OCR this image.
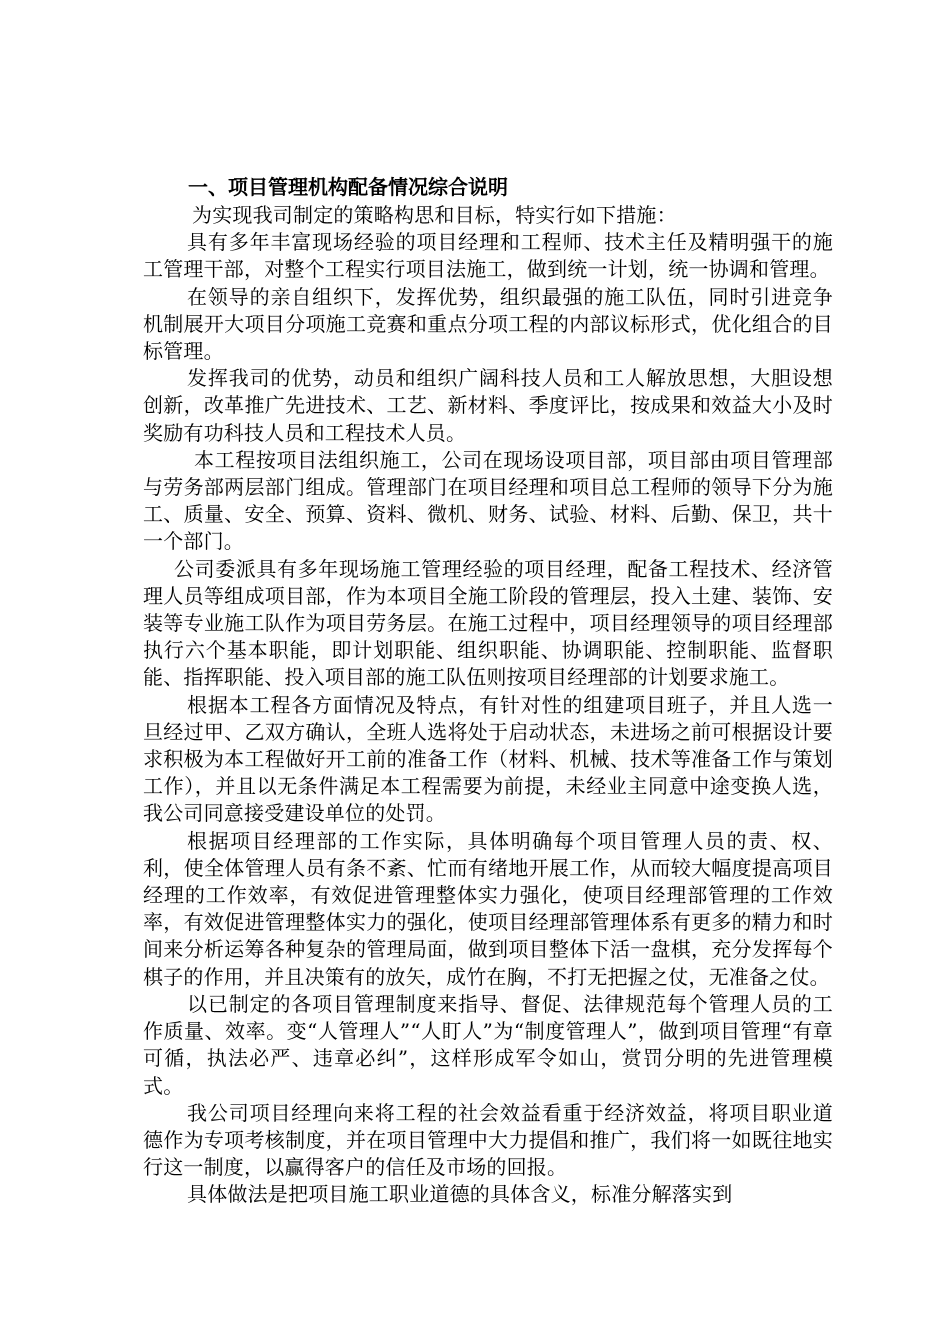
一、项目管理机构配备情况综合说明

为实现我司制定的策略构思和目标，特实行如下措施：

具有多年丰富现场经验的项目经理和工程师、技术主任及精明强干的施工管理干部，对整个工程实行项目法施工，做到统一计划，统一协调和管理。

在领导的亲自组织下，发挥优势，组织最强的施工队伍，同时引进竞争机制展开大项目分项施工竞赛和重点分项工程的内部议标形式，优化组合的目标管理。

发挥我司的优势，动员和组织广阔科技人员和工人解放思想，大胆设想创新，改革推广先进技术、工艺、新材料、季度评比，按成果和效益大小及时奖励有功科技人员和工程技术人员。

本工程按项目法组织施工，公司在现场设项目部，项目部由项目管理部与劳务部两层部门组成。管理部门在项目经理和项目总工程师的领导下分为施工、质量、安全、预算、资料、微机、财务、试验、材料、后勤、保卫，共十一个部门。

公司委派具有多年现场施工管理经验的项目经理，配备工程技术、经济管理人员等组成项目部，作为本项目全施工阶段的管理层，投入土建、装饰、安装等专业施工队作为项目劳务层。在施工过程中，项目经理领导的项目经理部执行六个基本职能，即计划职能、组织职能、协调职能、控制职能、监督职能、指挥职能、投入项目部的施工队伍则按项目经理部的计划要求施工。

根据本工程各方面情况及特点，有针对性的组建项目班子，并且人选一旦经过甲、乙双方确认，全班人选将处于启动状态，未进场之前可根据设计要求积极为本工程做好开工前的准备工作（材料、机械、技术等准备工作与策划工作），并且以无条件满足本工程需要为前提，未经业主同意中途变换人选，我公司同意接受建设单位的处罚。

根据项目经理部的工作实际，具体明确每个项目管理人员的责、权、利，使全体管理人员有条不紊、忙而有绪地开展工作，从而较大幅度提高项目经理的工作效率，有效促进管理整体实力强化，使项目经理部管理的工作效率，有效促进管理整体实力的强化，使项目经理部管理体系有更多的精力和时间来分析运筹各种复杂的管理局面，做到项目整体下活一盘棋，充分发挥每个棋子的作用，并且决策有的放矢，成竹在胸，不打无把握之仗，无准备之仗。

以已制定的各项目管理制度来指导、督促、法律规范每个管理人员的工作质量、效率。变“人管理人”“人盯人”为“制度管理人”，做到项目管理“有章可循，执法必严、违章必纠”，这样形成军令如山，赏罚分明的先进管理模式。

我公司项目经理向来将工程的社会效益看重于经济效益，将项目职业道德作为专项考核制度，并在项目管理中大力提倡和推广，我们将一如既往地实行这一制度，以赢得客户的信任及市场的回报。

具体做法是把项目施工职业道德的具体含义，标准分解落实到
